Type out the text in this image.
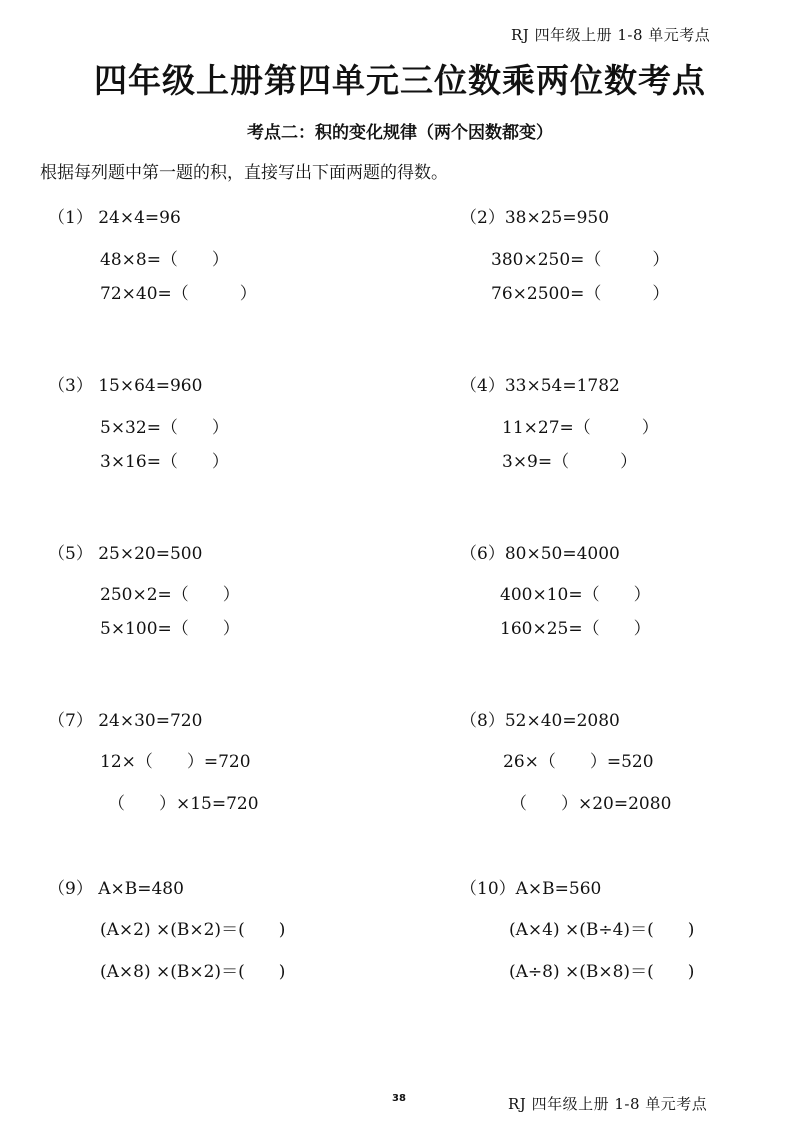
RJ 四年级上册 1-8 单元考点
四年级上册第四单元三位数乘两位数考点
考点二：积的变化规律（两个因数都变）
根据每列题中第一题的积，直接写出下面两题的得数。
（1） 24×4=96
48×8=（　　）
72×40=（　　　）
（2）38×25=950
380×250=（　　　）
76×2500=（　　　）
（3） 15×64=960
5×32=（　　）
3×16=（　　）
（4）33×54=1782
11×27=（　　　）
3×9=（　　　）
（5） 25×20=500
250×2=（　　）
5×100=（　　）
（6）80×50=4000
400×10=（　　）
160×25=（　　）
（7） 24×30=720
12×（　　）=720
（　　）×15=720
（8）52×40=2080
26×（　　）=520
（　　）×20=2080
（9） A×B=480
(A×2) ×(B×2)＝(　　)
(A×8) ×(B×2)＝(　　)
（10）A×B=560
(A×4) ×(B÷4)＝(　　)
(A÷8) ×(B×8)＝(　　)
38	RJ 四年级上册 1-8 单元考点
